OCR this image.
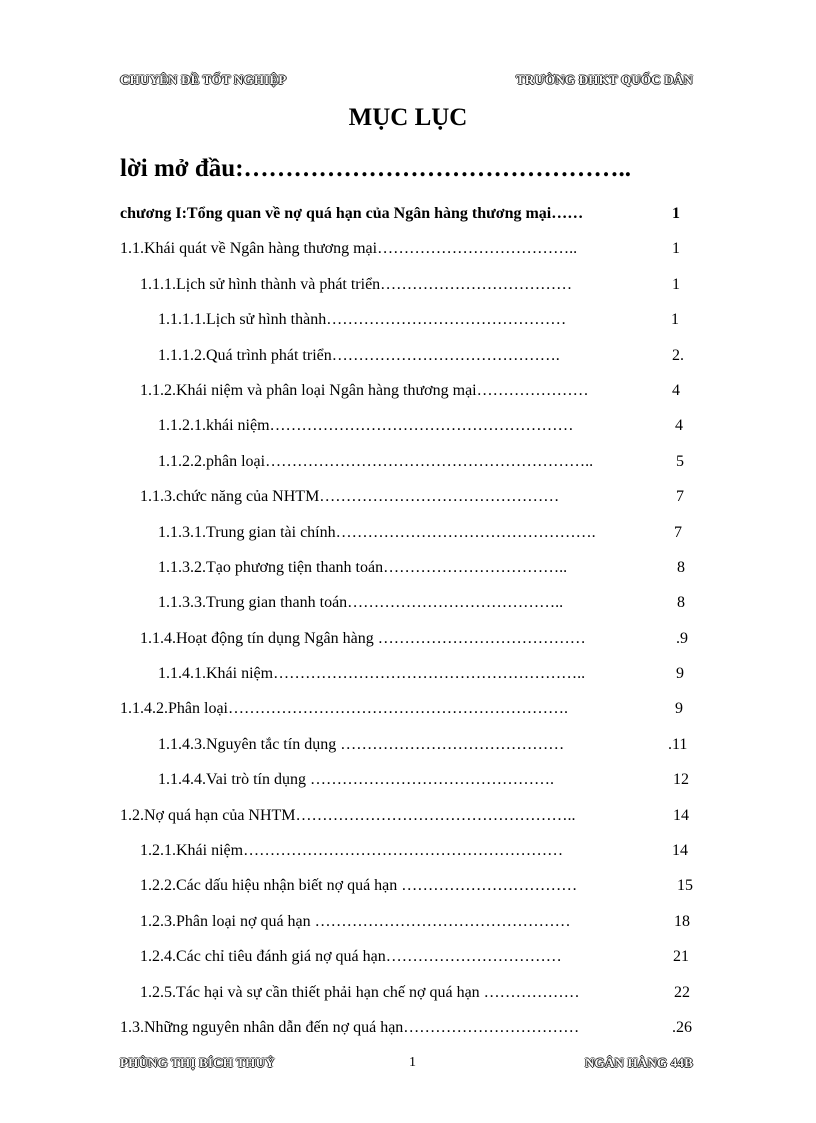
CHUYÊN ĐỀ TỐT NGHIỆP	TRƯỜNG ĐHKT QUỐC DÂN
MỤC LỤC
lời mở đầu:………………………………………..
chương I:Tổng quan về nợ quá hạn của Ngân hàng thương mại……	1
1.1.Khái quát về Ngân hàng thương mại………………………………..	1
1.1.1.Lịch sử hình thành và phát triển………………………………	1
1.1.1.1.Lịch sử hình thành………………………………………	1
1.1.1.2.Quá trình phát triển…………………………………….	2.
1.1.2.Khái niệm và phân loại Ngân hàng thương mại…………………	4
1.1.2.1.khái niệm…………………………………………………	4
1.1.2.2.phân loại……………………………………………………..	5
1.1.3.chức năng của NHTM………………………………………	7
1.1.3.1.Trung gian tài chính………………………………………….	7
1.1.3.2.Tạo phương tiện thanh toán……………………………..	8
1.1.3.3.Trung gian thanh toán…………………………………..	8
1.1.4.Hoạt động tín dụng Ngân hàng …………………………………	.9
1.1.4.1.Khái niệm…………………………………………………..	9
1.1.4.2.Phân loại……………………………………………………….	9
1.1.4.3.Nguyên tắc tín dụng ……………………………………	.11
1.1.4.4.Vai trò tín dụng ……………………………………….	12
1.2.Nợ quá hạn của NHTM……………………………………………..	14
1.2.1.Khái niệm……………………………………………………	14
1.2.2.Các dấu hiệu nhận biết nợ quá hạn ……………………………	15
1.2.3.Phân loại nợ quá hạn …………………………………………	18
1.2.4.Các chỉ tiêu đánh giá nợ quá hạn……………………………	21
1.2.5.Tác hại và sự cần thiết phải hạn chế nợ quá hạn ………………	22
1.3.Những nguyên nhân dẫn đến nợ quá hạn……………………………	.26
PHÙNG THỊ BÍCH THUỶ	1	NGÂN HÀNG 44B
